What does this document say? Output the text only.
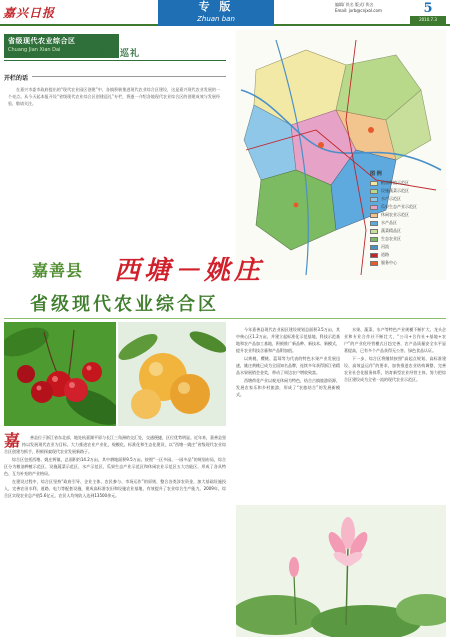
嘉兴日报	专 版
Zhuan ban
编辑/ 佚名 版式/ 佚名
Email: jxrb@cnjxol.com	5
2010.7.3
省级现代农业综合区
Chuang Jian Xian Dai	创建巡礼
开栏的话
在嘉兴市委市政府提出的“现代农业园区创建”中，各镇积极推进现代农业综合区建设，这是嘉兴现代农业发展的一个亮点。从今天起本报开设“省级现代农业综合区创建巡礼”专栏，将逐一介绍各地现代农业综合区的创建成效与发展经验，敬请关注。
图 例
粮油种植示范区
设施蔬菜示范区
水产示范区
瓜果生态产业示范区
休闲农业示范区
水产品区
蔬菜精品区
生态农业区
河流
道路
服务中心
嘉善县 西塘－姚庄
省级现代农业综合区
嘉	善县位于浙江省东北部，地处杭嘉湖平原与长江三角洲的交汇处，交通便捷，区位优势明显。近年来，嘉善县坚持以发展现代农业为目标，大力推进农业产业化、规模化、标准化和生态化建设，以“西塘－姚庄”省级现代农业综合区创建为抓手，积极探索现代农业发展新路子。

综合区包括西塘、姚庄两镇，总面积约14.2万亩，其中耕地面积9.5万亩。按照“一区多园、一园多品”的规划布局，综合区分为粮油种植示范区、设施蔬菜示范区、水产示范区、瓜果生态产业示范区和休闲农业示范区五大功能区，形成了各具特色、互为补充的产业格局。

在建设过程中，综合区坚持“政府引导、企业主体、农民参与、市场运作”的原则，整合各类涉农资金，加大基础设施投入，完善农田水利、道路、电力等配套设施，建成高标准农田和设施农业基地，有效提升了农业综合生产能力。2009年，综合区实现农业总产值5.6亿元，农民人均纯收入达到13500余元。

今年嘉善县现代农业园区建设规划总面积3.5万亩，其中核心区1.2万亩，并建立起标准化示范基地、科技示范基地和农产品加工基地，积极推广新品种、新技术、新模式，提升农业科技含量和产品附加值。

以黄桃、樱桃、蓝莓等为代表的特色水果产业发展迅速，姚庄黄桃已成为全国知名品牌，连续多年获得浙江省精品水果展销会金奖，带动了周边农户增收致富。

西塘荷花产业以观光休闲为特色，结合古镇旅游资源，发展农家乐和乡村旅游，形成了“农旅结合”的发展新模式。

水果、蔬菜、水产等特色产业规模不断扩大，龙头企业和专业合作社不断壮大，“公司+合作社+基地+农户”的产业化经营模式日趋完善，农产品质量安全水平显著提高，已有多个产品获得无公害、绿色食品认证。

下一步，综合区将继续按照“高起点规划、高标准建设、高效益运作”的要求，加快推进农业结构调整，完善农业社会化服务体系，培育新型农业经营主体，努力把综合区建设成为全省一流的现代农业示范区。
